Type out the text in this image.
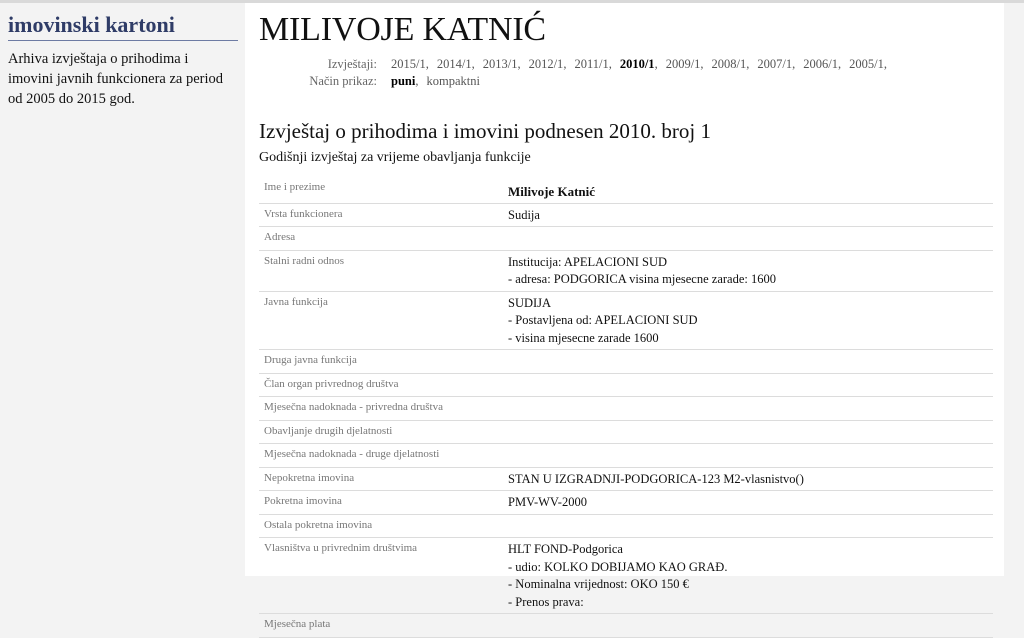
imovinski kartoni
Arhiva izvještaja o prihodima i imovini javnih funkcionera za period od 2005 do 2015 god.
MILIVOJE KATNIĆ
Izvještaji: 2015/1, 2014/1, 2013/1, 2012/1, 2011/1, 2010/1, 2009/1, 2008/1, 2007/1, 2006/1, 2005/1,
Način prikaz: puni, kompaktni
Izvještaj o prihodima i imovini podnesen 2010. broj 1
Godišnji izvještaj za vrijeme obavljanja funkcije
Ime i prezime	Milivoje Katnić

Vrsta funkcionera	Sudija

Adresa	
Stalni radni odnos	Institucija: APELACIONI SUD
- adresa: PODGORICA visina mjesecne zarade: 1600

Javna funkcija	SUDIJA
- Postavljena od: APELACIONI SUD
- visina mjesecne zarade 1600

Druga javna funkcija	
Član organ privrednog društva	
Mjesečna nadoknada - privredna društva	
Obavljanje drugih djelatnosti	
Mjesečna nadoknada - druge djelatnosti	
Nepokretna imovina	STAN U IZGRADNJI-PODGORICA-123 M2-vlasnistvo()

Pokretna imovina	PMV-WV-2000

Ostala pokretna imovina	
Vlasništva u privrednim društvima	HLT FOND-Podgorica
- udio: KOLKO DOBIJAMO KAO GRAĐ.
- Nominalna vrijednost: OKO 150 €
- Prenos prava:

Mjesečna plata	
